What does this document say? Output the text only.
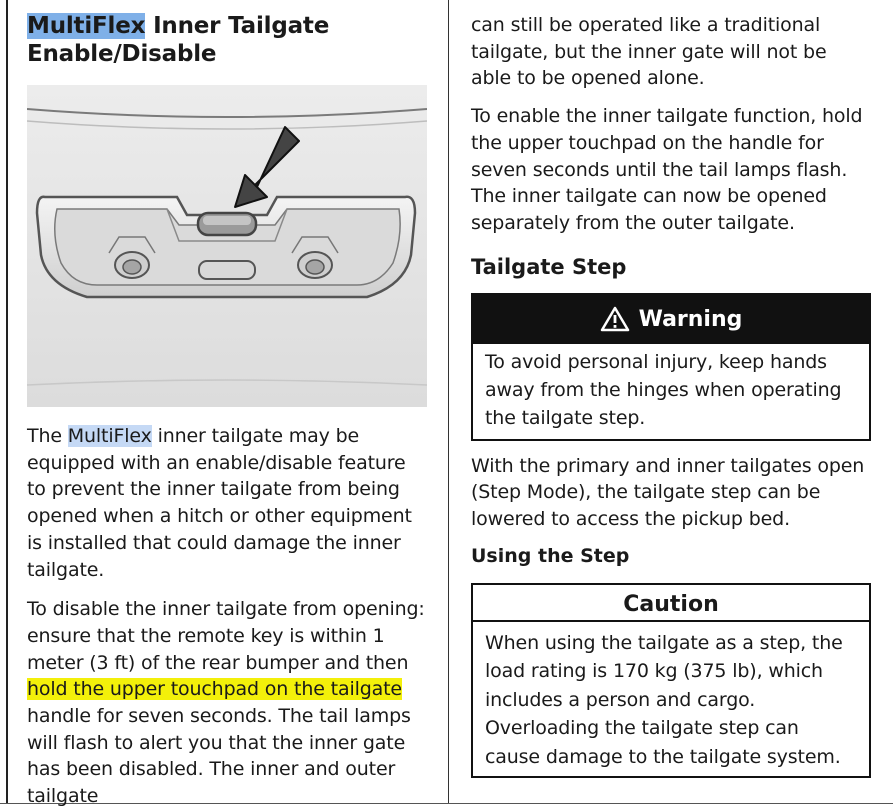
MultiFlex Inner Tailgate Enable/Disable

The MultiFlex inner tailgate may be equipped with an enable/disable feature to prevent the inner tailgate from being opened when a hitch or other equipment is installed that could damage the inner tailgate.

To disable the inner tailgate from opening: ensure that the remote key is within 1 meter (3 ft) of the rear bumper and then hold the upper touchpad on the tailgate handle for seven seconds. The tail lamps will flash to alert you that the inner gate has been disabled. The inner and outer tailgate

can still be operated like a traditional tailgate, but the inner gate will not be able to be opened alone.

To enable the inner tailgate function, hold the upper touchpad on the handle for seven seconds until the tail lamps flash. The inner tailgate can now be opened separately from the outer tailgate.

Tailgate Step
Warning

To avoid personal injury, keep hands away from the hinges when operating the tailgate step.

With the primary and inner tailgates open (Step Mode), the tailgate step can be lowered to access the pickup bed.

Using the Step
Caution

When using the tailgate as a step, the load rating is 170 kg (375 lb), which includes a person and cargo. Overloading the tailgate step can cause damage to the tailgate system.
